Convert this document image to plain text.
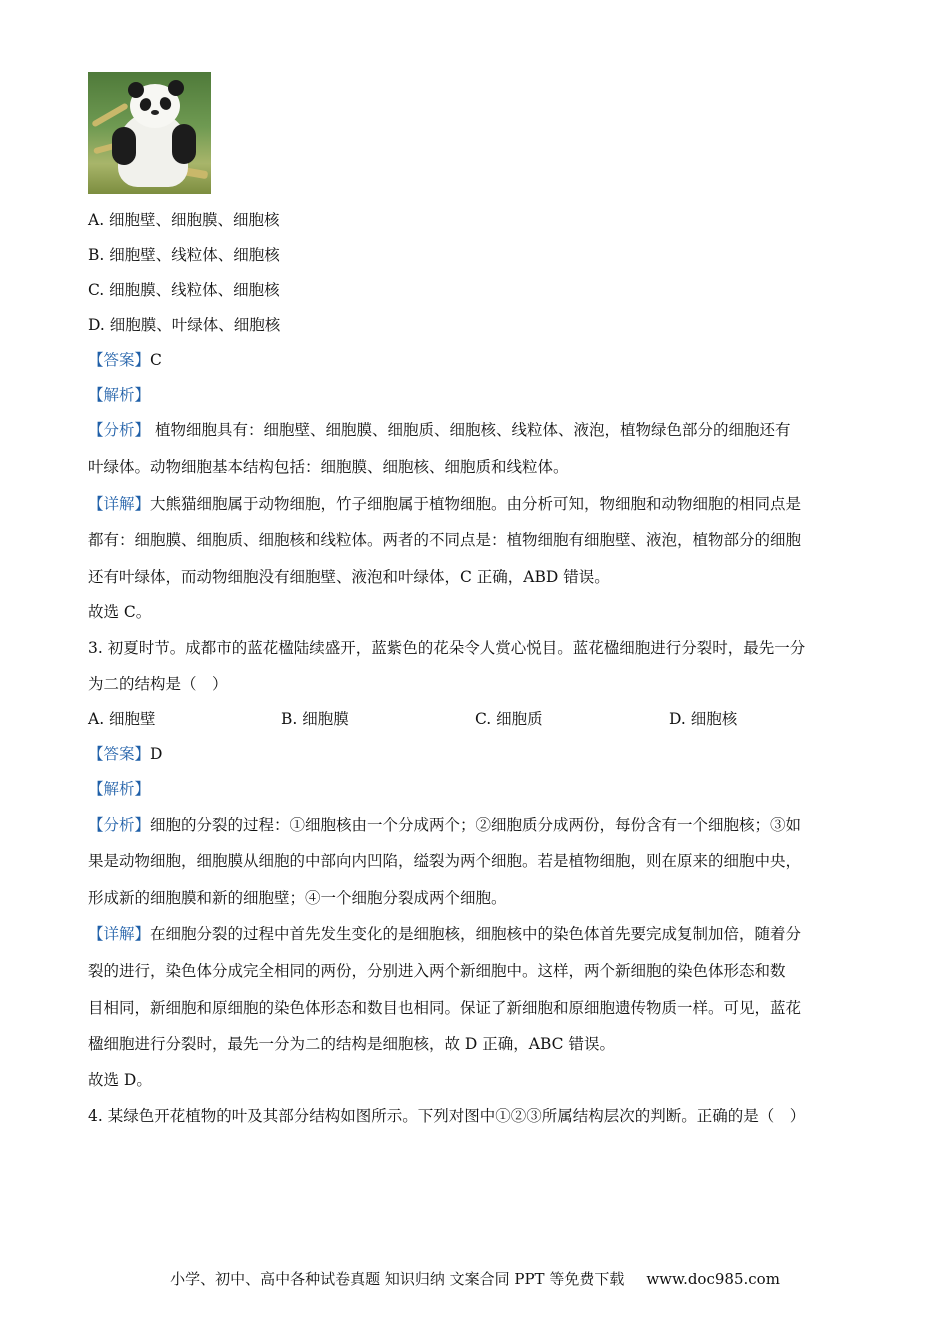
A. 细胞壁、细胞膜、细胞核
B. 细胞壁、线粒体、细胞核
C. 细胞膜、线粒体、细胞核
D. 细胞膜、叶绿体、细胞核
【答案】C
【解析】
【分析】 植物细胞具有：细胞壁、细胞膜、细胞质、细胞核、线粒体、液泡，植物绿色部分的细胞还有
叶绿体。动物细胞基本结构包括：细胞膜、细胞核、细胞质和线粒体。
【详解】大熊猫细胞属于动物细胞，竹子细胞属于植物细胞。由分析可知，物细胞和动物细胞的相同点是
都有：细胞膜、细胞质、细胞核和线粒体。两者的不同点是：植物细胞有细胞壁、液泡，植物部分的细胞
还有叶绿体，而动物细胞没有细胞壁、液泡和叶绿体，C 正确，ABD 错误。
故选 C。
3. 初夏时节。成都市的蓝花楹陆续盛开，蓝紫色的花朵令人赏心悦目。蓝花楹细胞进行分裂时，最先一分
为二的结构是（　）
A. 细胞壁	B. 细胞膜	C. 细胞质	D. 细胞核
【答案】D
【解析】
【分析】细胞的分裂的过程：①细胞核由一个分成两个；②细胞质分成两份，每份含有一个细胞核；③如
果是动物细胞，细胞膜从细胞的中部向内凹陷，缢裂为两个细胞。若是植物细胞，则在原来的细胞中央，
形成新的细胞膜和新的细胞壁；④一个细胞分裂成两个细胞。
【详解】在细胞分裂的过程中首先发生变化的是细胞核，细胞核中的染色体首先要完成复制加倍，随着分
裂的进行，染色体分成完全相同的两份，分别进入两个新细胞中。这样，两个新细胞的染色体形态和数
目相同，新细胞和原细胞的染色体形态和数目也相同。保证了新细胞和原细胞遗传物质一样。可见，蓝花
楹细胞进行分裂时，最先一分为二的结构是细胞核，故 D 正确，ABC 错误。
故选 D。
4. 某绿色开花植物的叶及其部分结构如图所示。下列对图中①②③所属结构层次的判断。正确的是（　）
小学、初中、高中各种试卷真题 知识归纳 文案合同 PPT 等免费下载 www.doc985.com
